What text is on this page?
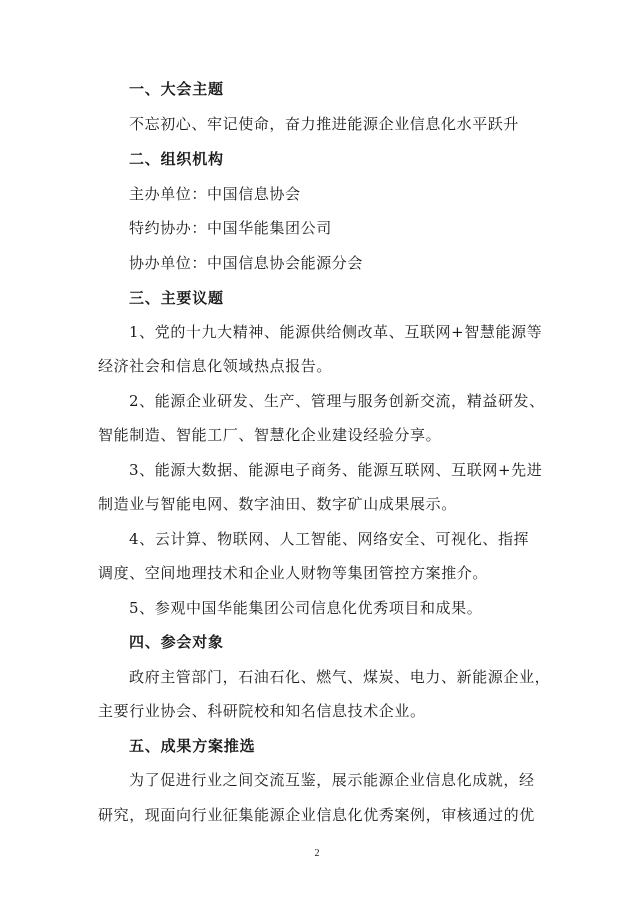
一、大会主题
不忘初心、牢记使命，奋力推进能源企业信息化水平跃升
二、组织机构
主办单位：中国信息协会
特约协办：中国华能集团公司
协办单位：中国信息协会能源分会
三、主要议题
1、党的十九大精神、能源供给侧改革、互联网+智慧能源等
经济社会和信息化领域热点报告。
2、能源企业研发、生产、管理与服务创新交流，精益研发、
智能制造、智能工厂、智慧化企业建设经验分享。
3、能源大数据、能源电子商务、能源互联网、互联网+先进
制造业与智能电网、数字油田、数字矿山成果展示。
4、云计算、物联网、人工智能、网络安全、可视化、指挥
调度、空间地理技术和企业人财物等集团管控方案推介。
5、参观中国华能集团公司信息化优秀项目和成果。
四、参会对象
政府主管部门，石油石化、燃气、煤炭、电力、新能源企业，
主要行业协会、科研院校和知名信息技术企业。
五、成果方案推选
为了促进行业之间交流互鉴，展示能源企业信息化成就，经
研究，现面向行业征集能源企业信息化优秀案例，审核通过的优
2
